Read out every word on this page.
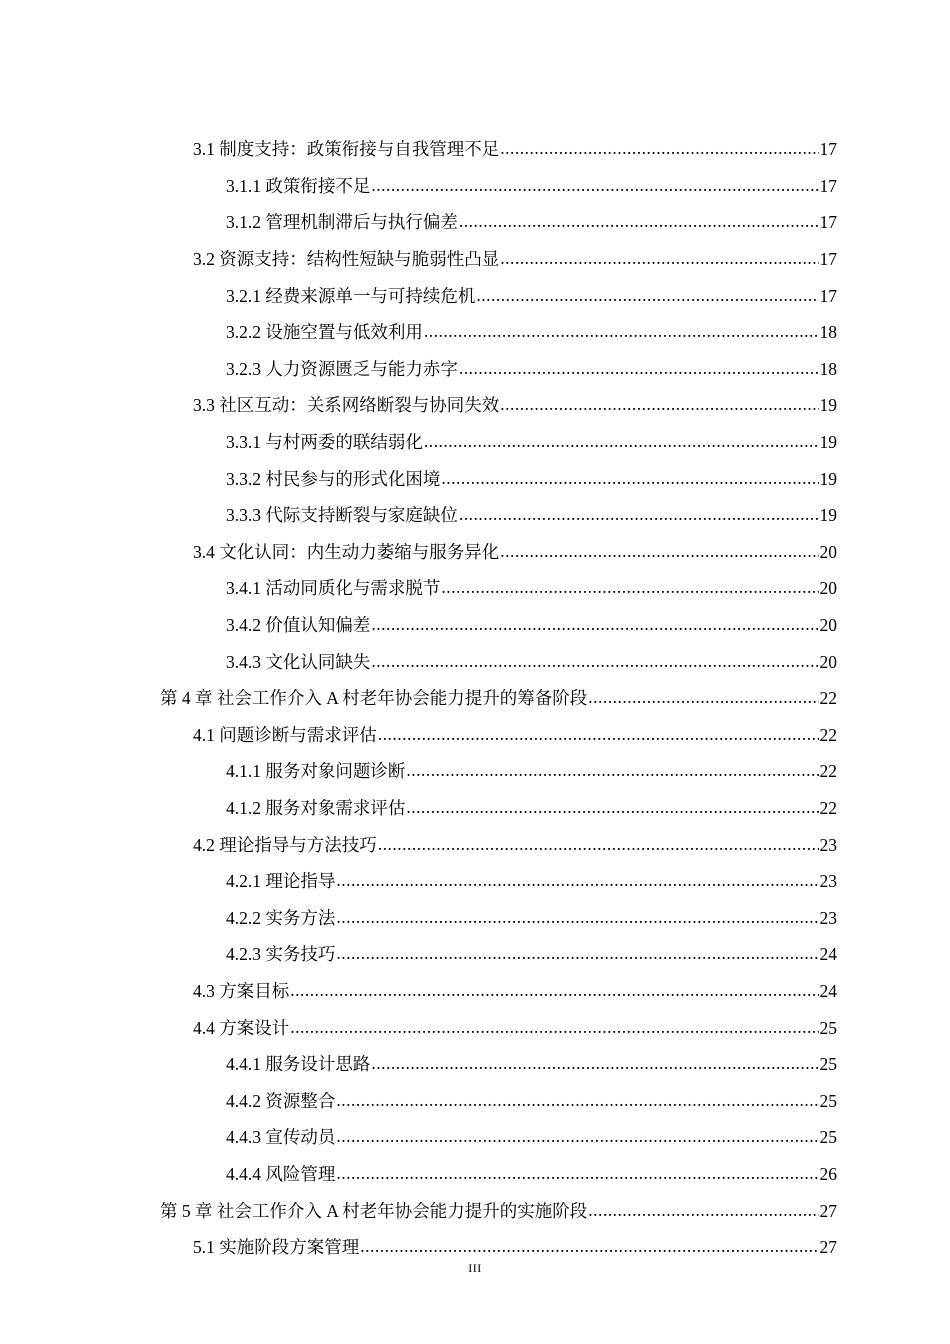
3.1 制度支持：政策衔接与自我管理不足 .....	17
3.1.1 政策衔接不足 .....	17
3.1.2 管理机制滞后与执行偏差 .....	17
3.2 资源支持：结构性短缺与脆弱性凸显 .....	17
3.2.1 经费来源单一与可持续危机 .....	17
3.2.2 设施空置与低效利用 .....	18
3.2.3 人力资源匮乏与能力赤字 .....	18
3.3 社区互动：关系网络断裂与协同失效 .....	19
3.3.1 与村两委的联结弱化 .....	19
3.3.2 村民参与的形式化困境 .....	19
3.3.3 代际支持断裂与家庭缺位 .....	19
3.4 文化认同：内生动力萎缩与服务异化 .....	20
3.4.1 活动同质化与需求脱节 .....	20
3.4.2 价值认知偏差 .....	20
3.4.3 文化认同缺失 .....	20
第 4 章 社会工作介入 A 村老年协会能力提升的筹备阶段 .....	22
4.1 问题诊断与需求评估 .....	22
4.1.1 服务对象问题诊断 .....	22
4.1.2 服务对象需求评估 .....	22
4.2 理论指导与方法技巧 .....	23
4.2.1 理论指导 .....	23
4.2.2 实务方法 .....	23
4.2.3 实务技巧 .....	24
4.3 方案目标 .....	24
4.4 方案设计 .....	25
4.4.1 服务设计思路 .....	25
4.4.2 资源整合 .....	25
4.4.3 宣传动员 .....	25
4.4.4 风险管理 .....	26
第 5 章 社会工作介入 A 村老年协会能力提升的实施阶段 .....	27
5.1 实施阶段方案管理 .....	27
III
